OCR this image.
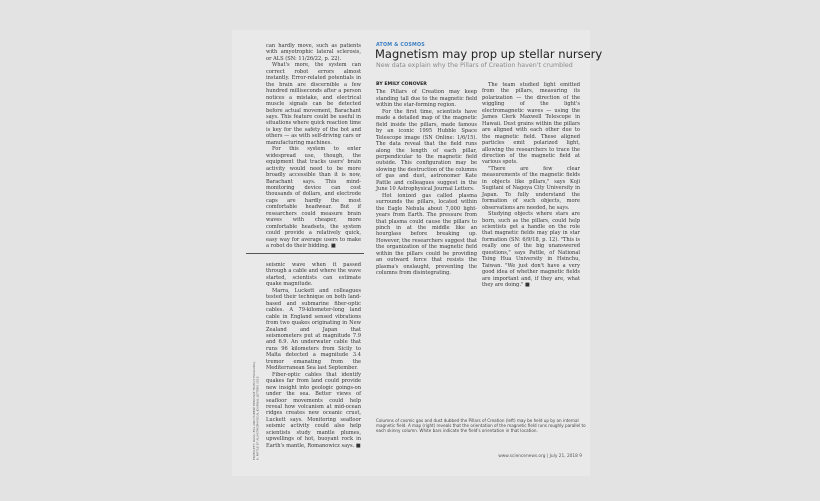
can hardly move, such as patients with amyotrophic lateral sclerosis, or ALS (SN: 11/26/22, p. 22).

What's more, the system can correct robot errors almost instantly. Error-related potentials in the brain are discernible a few hundred milliseconds after a person notices a mistake, and electrical muscle signals can be detected before actual movement, Barachant says. This feature could be useful in situations where quick reaction time is key for the safety of the bot and others — as with self-driving cars or manufacturing machines.

For this system to enter widespread use, though, the equipment that tracks users' brain activity would need to be more broadly accessible than it is now, Barachant says. This mind-monitoring device can cost thousands of dollars, and electrode caps are hardly the most comfortable headwear. But if researchers could measure brain waves with cheaper, more comfortable headsets, the system could provide a relatively quick, easy way for average users to make a robot do their bidding. ■

seismic wave when it passed through a cable and where the wave started, scientists can estimate quake magnitude.

Marra, Luckett and colleagues tested their technique on both land-based and submarine fiber-optic cables. A 79-kilometer-long land cable in England sensed vibrations from two quakes originating in New Zealand and Japan that seismometers put at magnitude 7.9 and 6.9. An underwater cable that runs 96 kilometers from Sicily to Malta detected a magnitude 3.4 tremor emanating from the Mediterranean Sea last September.

Fiber-optic cables that identify quakes far from land could provide new insight into geologic goings-on under the sea. Better views of seafloor movements could help reveal how volcanism at mid-ocean ridges creates new oceanic crust, Luckett says. Monitoring seafloor seismic activity could also help scientists study mantle plumes, upwellings of hot, buoyant rock in Earth's mantle, Romanowicz says. ■

FROM LEFT: NASA, ESA AND HUBBLE HERITAGE TEAM (STSCI/AURA); K. PATTLE ET AL/ASTROPHYSICAL JOURNAL LETTERS 2018
ATOM & COSMOS
Magnetism may prop up stellar nursery
New data explain why the Pillars of Creation haven't crumbled
BY EMILY CONOVER

The Pillars of Creation may keep standing tall due to the magnetic field within the star-forming region.

For the first time, scientists have made a detailed map of the magnetic field inside the pillars, made famous by an iconic 1995 Hubble Space Telescope image (SN Online: 1/6/15). The data reveal that the field runs along the length of each pillar, perpendicular to the magnetic field outside. This configuration may be slowing the destruction of the columns of gas and dust, astronomer Kate Pattle and colleagues suggest in the June 10 Astrophysical Journal Letters.

Hot ionized gas called plasma surrounds the pillars, located within the Eagle Nebula about 7,000 light-years from Earth. The pressure from that plasma could cause the pillars to pinch in at the middle like an hourglass before breaking up. However, the researchers suggest that the organization of the magnetic field within the pillars could be providing an outward force that resists the plasma's onslaught, preventing the columns from disintegrating.

The team studied light emitted from the pillars, measuring its polarization — the direction of the wiggling of the light's electromagnetic waves — using the James Clerk Maxwell Telescope in Hawaii. Dust grains within the pillars are aligned with each other due to the magnetic field. These aligned particles emit polarized light, allowing the researchers to trace the direction of the magnetic field at various spots.

"There are few clear measurements of the magnetic fields in objects like pillars," says Koji Sugitani of Nagoya City University in Japan. To fully understand the formation of such objects, more observations are needed, he says.

Studying objects where stars are born, such as the pillars, could help scientists get a handle on the role that magnetic fields may play in star formation (SN: 6/9/18, p. 12). "This is really one of the big unanswered questions," says Pattle, of National Tsing Hua University in Hsinchu, Taiwan. "We just don't have a very good idea of whether magnetic fields are important and, if they are, what they are doing." ■

Columns of cosmic gas and dust dubbed the Pillars of Creation (left) may be held up by an internal magnetic field. A map (right) reveals that the orientation of the magnetic field runs roughly parallel to each skinny column. White bars indicate the field's orientation in that location.
www.sciencenews.org | July 21, 2018 9
